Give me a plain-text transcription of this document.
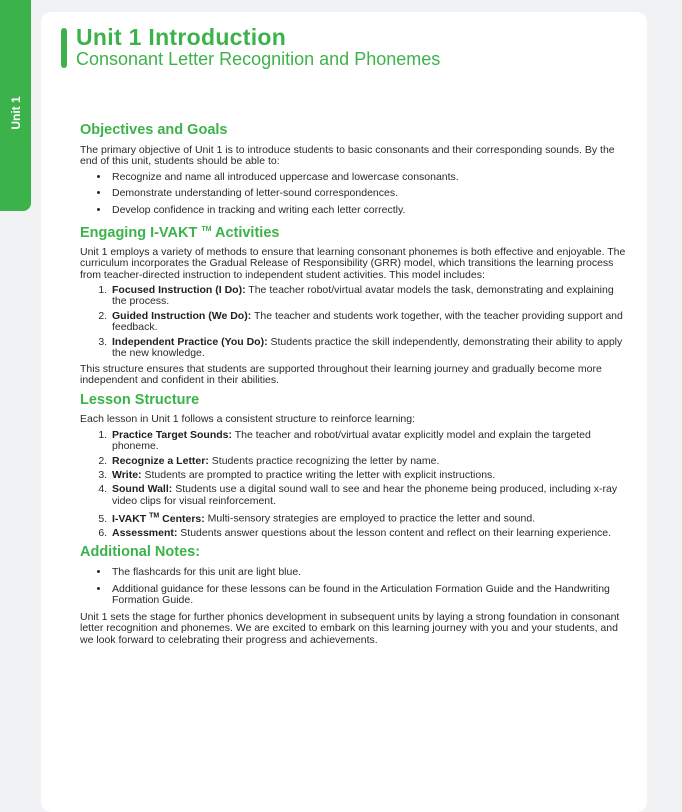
Unit 1
Unit 1 Introduction
Consonant Letter Recognition and Phonemes
Objectives and Goals

The primary objective of Unit 1 is to introduce students to basic consonants and their corresponding sounds. By the end of this unit, students should be able to:

• Recognize and name all introduced uppercase and lowercase consonants.
• Demonstrate understanding of letter-sound correspondences.
• Develop confidence in tracking and writing each letter correctly.
Engaging I-VAKT ™ Activities

Unit 1 employs a variety of methods to ensure that learning consonant phonemes is both effective and enjoyable. The curriculum incorporates the Gradual Release of Responsibility (GRR) model, which transitions the learning process from teacher-directed instruction to independent student activities. This model includes:

1. Focused Instruction (I Do): The teacher robot/virtual avatar models the task, demonstrating and explaining the process.
2. Guided Instruction (We Do): The teacher and students work together, with the teacher providing support and feedback.
3. Independent Practice (You Do): Students practice the skill independently, demonstrating their ability to apply the new knowledge.

This structure ensures that students are supported throughout their learning journey and gradually become more independent and confident in their abilities.

Lesson Structure

Each lesson in Unit 1 follows a consistent structure to reinforce learning:

1. Practice Target Sounds: The teacher and robot/virtual avatar explicitly model and explain the targeted phoneme.
2. Recognize a Letter: Students practice recognizing the letter by name.
3. Write: Students are prompted to practice writing the letter with explicit instructions.
4. Sound Wall: Students use a digital sound wall to see and hear the phoneme being produced, including x-ray video clips for visual reinforcement.
5. I-VAKT ™ Centers: Multi-sensory strategies are employed to practice the letter and sound.
6. Assessment: Students answer questions about the lesson content and reflect on their learning experience.
Additional Notes:
• The flashcards for this unit are light blue.
• Additional guidance for these lessons can be found in the Articulation Formation Guide and the Handwriting Formation Guide.

Unit 1 sets the stage for further phonics development in subsequent units by laying a strong foundation in consonant letter recognition and phonemes. We are excited to embark on this learning journey with you and your students, and we look forward to celebrating their progress and achievements.
